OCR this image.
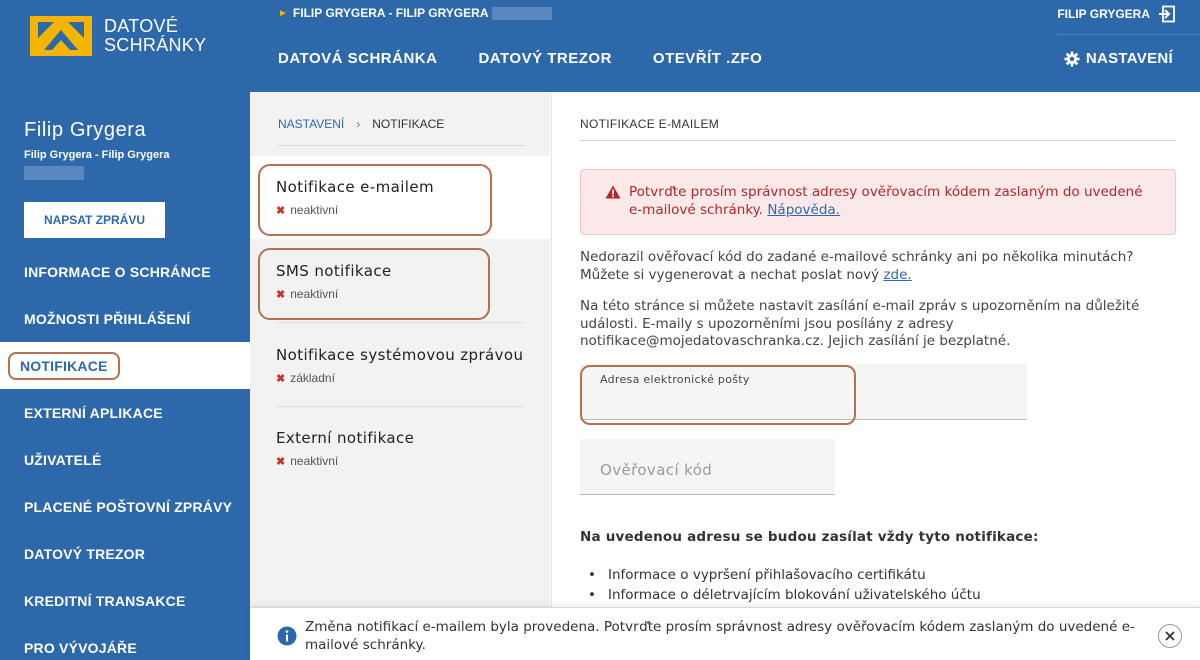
DATOVÉ
SCHRÁNKY
► FILIP GRYGERA - FILIP GRYGERA	FILIP GRYGERA
DATOVÁ SCHRÁNKA	DATOVÝ TREZOR	OTEVŘÍT .ZFO	NASTAVENÍ
Filip Grygera
Filip Grygera - Filip Grygera
NAPSAT ZPRÁVU
INFORMACE O SCHRÁNCE
MOŽNOSTI PŘIHLÁŠENÍ
NOTIFIKACE
EXTERNÍ APLIKACE
UŽIVATELÉ
PLACENÉ POŠTOVNÍ ZPRÁVY
DATOVÝ TREZOR
KREDITNÍ TRANSAKCE
PRO VÝVOJÁŘE
NASTAVENÍ › NOTIFIKACE
Notifikace e-mailem
✖ neaktivní
SMS notifikace
✖ neaktivní
Notifikace systémovou zprávou
✖ základní
Externí notifikace
✖ neaktivní
NOTIFIKACE E-MAILEM
Potvrďte prosím správnost adresy ověřovacím kódem zaslaným do uvedené e-mailové schránky. Nápověda.
Nedorazil ověřovací kód do zadané e-mailové schránky ani po několika minutách? Můžete si vygenerovat a nechat poslat nový zde.
Na této stránce si můžete nastavit zasílání e-mail zpráv s upozorněním na důležité události. E-maily s upozorněními jsou posílány z adresy notifikace@mojedatovaschranka.cz. Jejich zasílání je bezplatné.
Adresa elektronické pošty
Ověřovací kód
Na uvedenou adresu se budou zasílat vždy tyto notifikace:
• Informace o vypršení přihlašovacího certifikátu
• Informace o déletrvajícím blokování uživatelského účtu
Změna notifikací e-mailem byla provedena. Potvrďte prosím správnost adresy ověřovacím kódem zaslaným do uvedené e-mailové schránky.
